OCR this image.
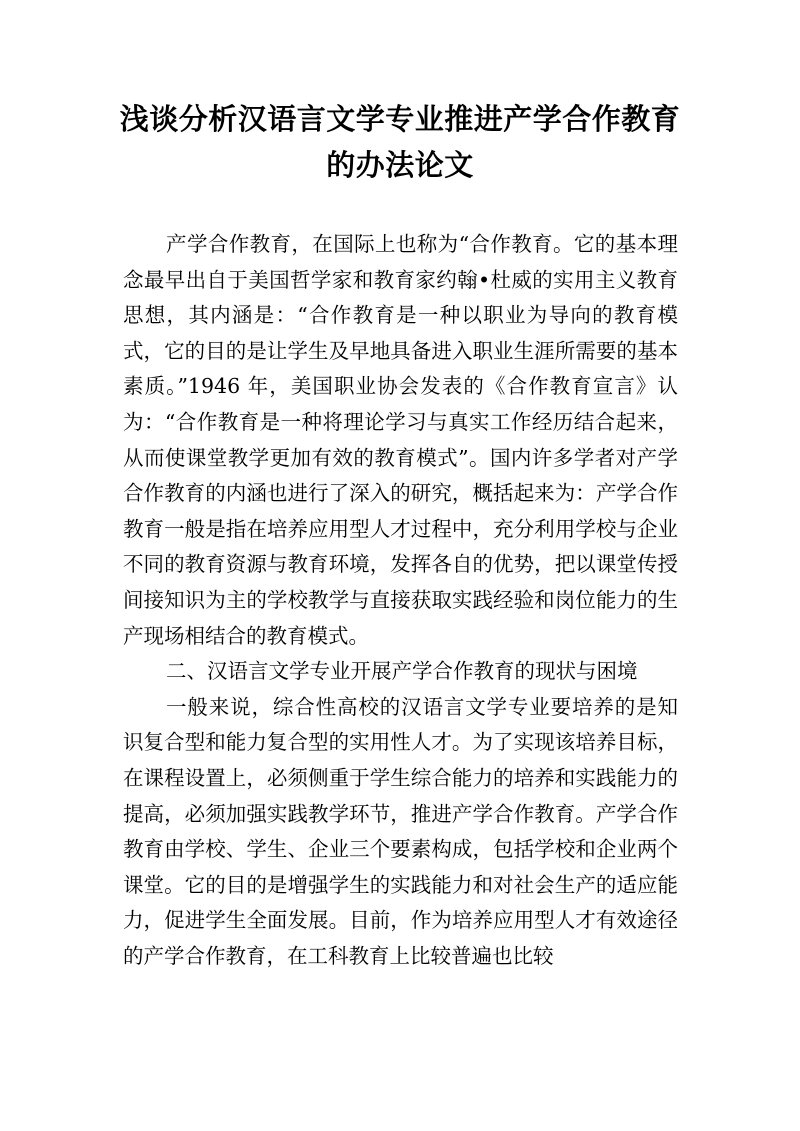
浅谈分析汉语言文学专业推进产学合作教育的办法论文

产学合作教育，在国际上也称为“合作教育。它的基本理念最早出自于美国哲学家和教育家约翰•杜威的实用主义教育思想，其内涵是：“合作教育是一种以职业为导向的教育模式，它的目的是让学生及早地具备进入职业生涯所需要的基本素质。”1946 年，美国职业协会发表的《合作教育宣言》认为：“合作教育是一种将理论学习与真实工作经历结合起来，从而使课堂教学更加有效的教育模式”。国内许多学者对产学合作教育的内涵也进行了深入的研究，概括起来为：产学合作教育一般是指在培养应用型人才过程中，充分利用学校与企业不同的教育资源与教育环境，发挥各自的优势，把以课堂传授间接知识为主的学校教学与直接获取实践经验和岗位能力的生产现场相结合的教育模式。

二、汉语言文学专业开展产学合作教育的现状与困境

一般来说，综合性高校的汉语言文学专业要培养的是知识复合型和能力复合型的实用性人才。为了实现该培养目标，在课程设置上，必须侧重于学生综合能力的培养和实践能力的提高，必须加强实践教学环节，推进产学合作教育。产学合作教育由学校、学生、企业三个要素构成，包括学校和企业两个课堂。它的目的是增强学生的实践能力和对社会生产的适应能力，促进学生全面发展。目前，作为培养应用型人才有效途径的产学合作教育，在工科教育上比较普遍也比较
